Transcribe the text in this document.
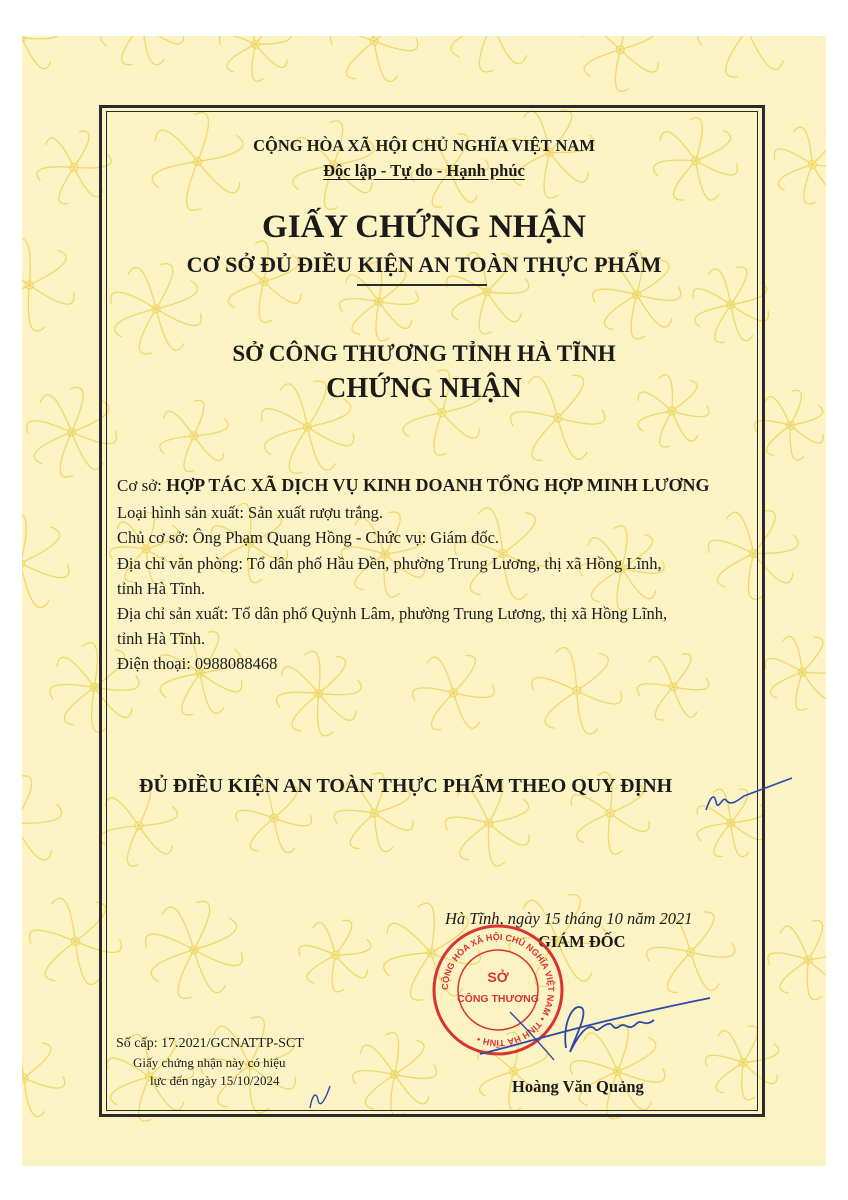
CỘNG HÒA XÃ HỘI CHỦ NGHĨA VIỆT NAM
Độc lập - Tự do - Hạnh phúc
GIẤY CHỨNG NHẬN
CƠ SỞ ĐỦ ĐIỀU KIỆN AN TOÀN THỰC PHẨM
SỞ CÔNG THƯƠNG TỈNH HÀ TĨNH
CHỨNG NHẬN
Cơ sở: HỢP TÁC XÃ DỊCH VỤ KINH DOANH TỔNG HỢP MINH LƯƠNG
Loại hình sản xuất: Sản xuất rượu trắng.
Chủ cơ sở: Ông Phạm Quang Hồng - Chức vụ: Giám đốc.
Địa chỉ văn phòng: Tổ dân phố Hầu Đền, phường Trung Lương, thị xã Hồng Lĩnh,
tỉnh Hà Tĩnh.
Địa chỉ sản xuất: Tổ dân phố Quỳnh Lâm, phường Trung Lương, thị xã Hồng Lĩnh,
tỉnh Hà Tĩnh.
Điện thoại: 0988088468
ĐỦ ĐIỀU KIỆN AN TOÀN THỰC PHẨM THEO QUY ĐỊNH
Hà Tĩnh, ngày 15 tháng 10 năm 2021
GIÁM ĐỐC
CỘNG HÒA XÃ HỘI CHỦ NGHĨA VIỆT NAM • TỈNH HÀ TĨNH •
SỞ
CÔNG THƯƠNG
Hoàng Văn Quảng
Số cấp: 17.2021/GCNATTP-SCT
Giấy chứng nhận này có hiệu
lực đến ngày 15/10/2024
